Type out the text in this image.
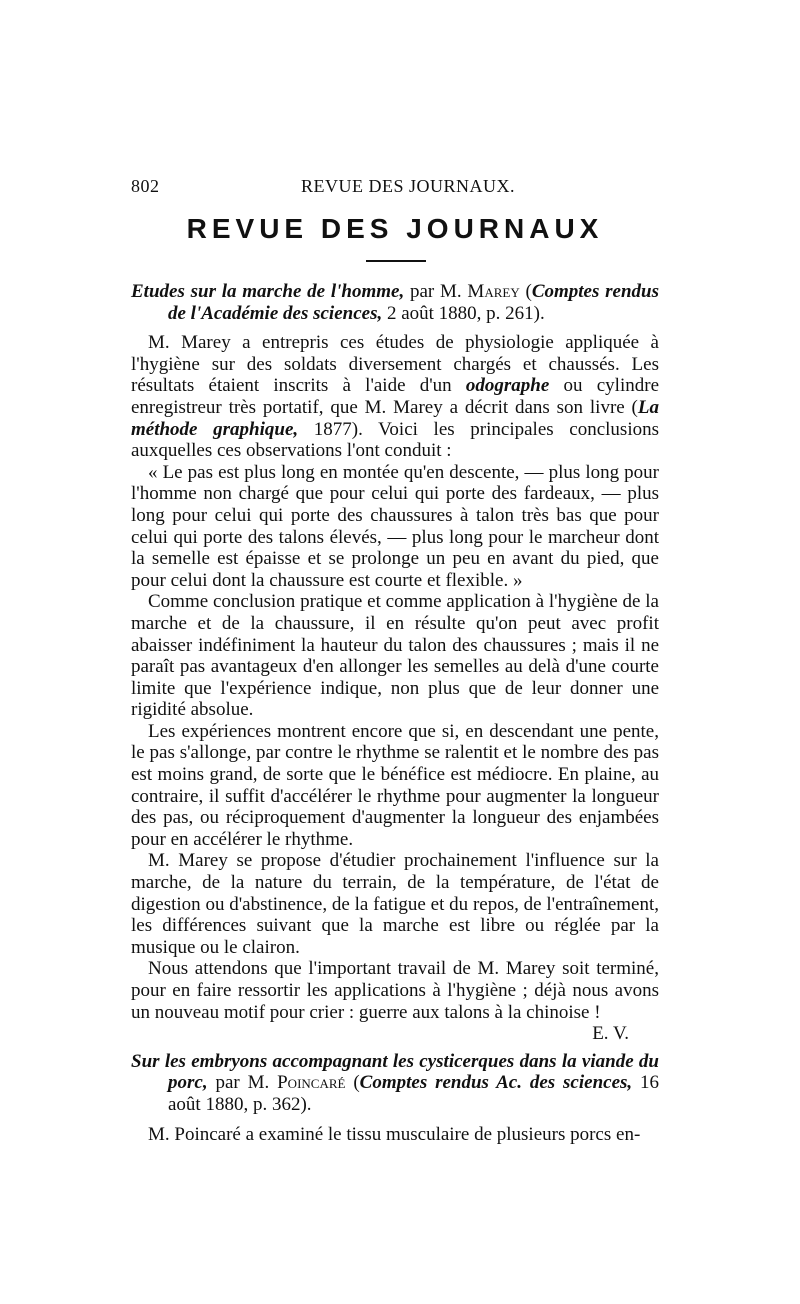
802	REVUE DES JOURNAUX.
REVUE DES JOURNAUX
Etudes sur la marche de l'homme, par M. Marey (Comptes rendus de l'Académie des sciences, 2 août 1880, p. 261).

M. Marey a entrepris ces études de physiologie appliquée à l'hygiène sur des soldats diversement chargés et chaussés. Les résultats étaient inscrits à l'aide d'un odographe ou cylindre enregistreur très portatif, que M. Marey a décrit dans son livre (La méthode graphique, 1877). Voici les principales conclusions auxquelles ces observations l'ont conduit :

« Le pas est plus long en montée qu'en descente, — plus long pour l'homme non chargé que pour celui qui porte des fardeaux, — plus long pour celui qui porte des chaussures à talon très bas que pour celui qui porte des talons élevés, — plus long pour le marcheur dont la semelle est épaisse et se prolonge un peu en avant du pied, que pour celui dont la chaussure est courte et flexible. »

Comme conclusion pratique et comme application à l'hygiène de la marche et de la chaussure, il en résulte qu'on peut avec profit abaisser indéfiniment la hauteur du talon des chaussures ; mais il ne paraît pas avantageux d'en allonger les semelles au delà d'une courte limite que l'expérience indique, non plus que de leur donner une rigidité absolue.

Les expériences montrent encore que si, en descendant une pente, le pas s'allonge, par contre le rhythme se ralentit et le nombre des pas est moins grand, de sorte que le bénéfice est médiocre. En plaine, au contraire, il suffit d'accélérer le rhythme pour augmenter la longueur des pas, ou réciproquement d'augmenter la longueur des enjambées pour en accélérer le rhythme.

M. Marey se propose d'étudier prochainement l'influence sur la marche, de la nature du terrain, de la température, de l'état de digestion ou d'abstinence, de la fatigue et du repos, de l'entraînement, les différences suivant que la marche est libre ou réglée par la musique ou le clairon.

Nous attendons que l'important travail de M. Marey soit terminé, pour en faire ressortir les applications à l'hygiène ; déjà nous avons un nouveau motif pour crier : guerre aux talons à la chinoise !

E. V.

Sur les embryons accompagnant les cysticerques dans la viande du porc, par M. Poincaré (Comptes rendus Ac. des sciences, 16 août 1880, p. 362).

M. Poincaré a examiné le tissu musculaire de plusieurs porcs en-
